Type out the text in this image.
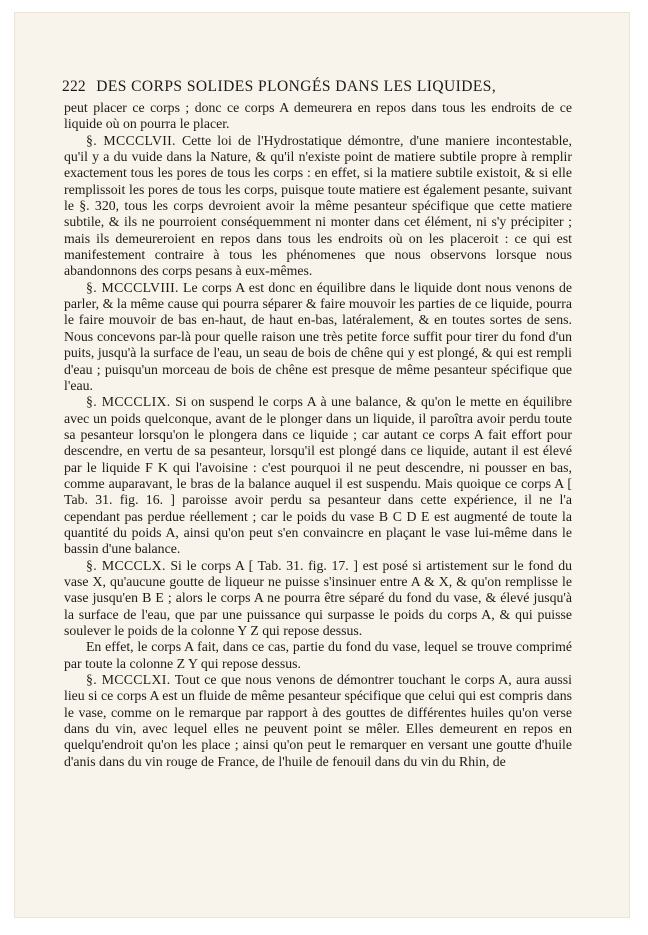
222 DES CORPS SOLIDES PLONGÉS DANS LES LIQUIDES,

peut placer ce corps ; donc ce corps A demeurera en repos dans tous les endroits de ce liquide où on pourra le placer.

§. MCCCLVII. Cette loi de l'Hydrostatique démontre, d'une maniere incontestable, qu'il y a du vuide dans la Nature, & qu'il n'existe point de matiere subtile propre à remplir exactement tous les pores de tous les corps : en effet, si la matiere subtile existoit, & si elle remplissoit les pores de tous les corps, puisque toute matiere est également pesante, suivant le §. 320, tous les corps devroient avoir la même pesanteur spécifique que cette matiere subtile, & ils ne pourroient conséquemment ni monter dans cet élément, ni s'y précipiter ; mais ils demeureroient en repos dans tous les endroits où on les placeroit : ce qui est manifestement contraire à tous les phénomenes que nous observons lorsque nous abandonnons des corps pesans à eux-mêmes.

§. MCCCLVIII. Le corps A est donc en équilibre dans le liquide dont nous venons de parler, & la même cause qui pourra séparer & faire mouvoir les parties de ce liquide, pourra le faire mouvoir de bas en-haut, de haut en-bas, latéralement, & en toutes sortes de sens. Nous concevons par-là pour quelle raison une très petite force suffit pour tirer du fond d'un puits, jusqu'à la surface de l'eau, un seau de bois de chêne qui y est plongé, & qui est rempli d'eau ; puisqu'un morceau de bois de chêne est presque de même pesanteur spécifique que l'eau.

§. MCCCLIX. Si on suspend le corps A à une balance, & qu'on le mette en équilibre avec un poids quelconque, avant de le plonger dans un liquide, il paroîtra avoir perdu toute sa pesanteur lorsqu'on le plongera dans ce liquide ; car autant ce corps A fait effort pour descendre, en vertu de sa pesanteur, lorsqu'il est plongé dans ce liquide, autant il est élevé par le liquide F K qui l'avoisine : c'est pourquoi il ne peut descendre, ni pousser en bas, comme auparavant, le bras de la balance auquel il est suspendu. Mais quoique ce corps A [ Tab. 31. fig. 16. ] paroisse avoir perdu sa pesanteur dans cette expérience, il ne l'a cependant pas perdue réellement ; car le poids du vase B C D E est augmenté de toute la quantité du poids A, ainsi qu'on peut s'en convaincre en plaçant le vase lui-même dans le bassin d'une balance.

§. MCCCLX. Si le corps A [ Tab. 31. fig. 17. ] est posé si artistement sur le fond du vase X, qu'aucune goutte de liqueur ne puisse s'insinuer entre A & X, & qu'on remplisse le vase jusqu'en B E ; alors le corps A ne pourra être séparé du fond du vase, & élevé jusqu'à la surface de l'eau, que par une puissance qui surpasse le poids du corps A, & qui puisse soulever le poids de la colonne Y Z qui repose dessus.

En effet, le corps A fait, dans ce cas, partie du fond du vase, lequel se trouve comprimé par toute la colonne Z Y qui repose dessus.

§. MCCCLXI. Tout ce que nous venons de démontrer touchant le corps A, aura aussi lieu si ce corps A est un fluide de même pesanteur spécifique que celui qui est compris dans le vase, comme on le remarque par rapport à des gouttes de différentes huiles qu'on verse dans du vin, avec lequel elles ne peuvent point se mêler. Elles demeurent en repos en quelqu'endroit qu'on les place ; ainsi qu'on peut le remarquer en versant une goutte d'huile d'anis dans du vin rouge de France, de l'huile de fenouil dans du vin du Rhin, de
